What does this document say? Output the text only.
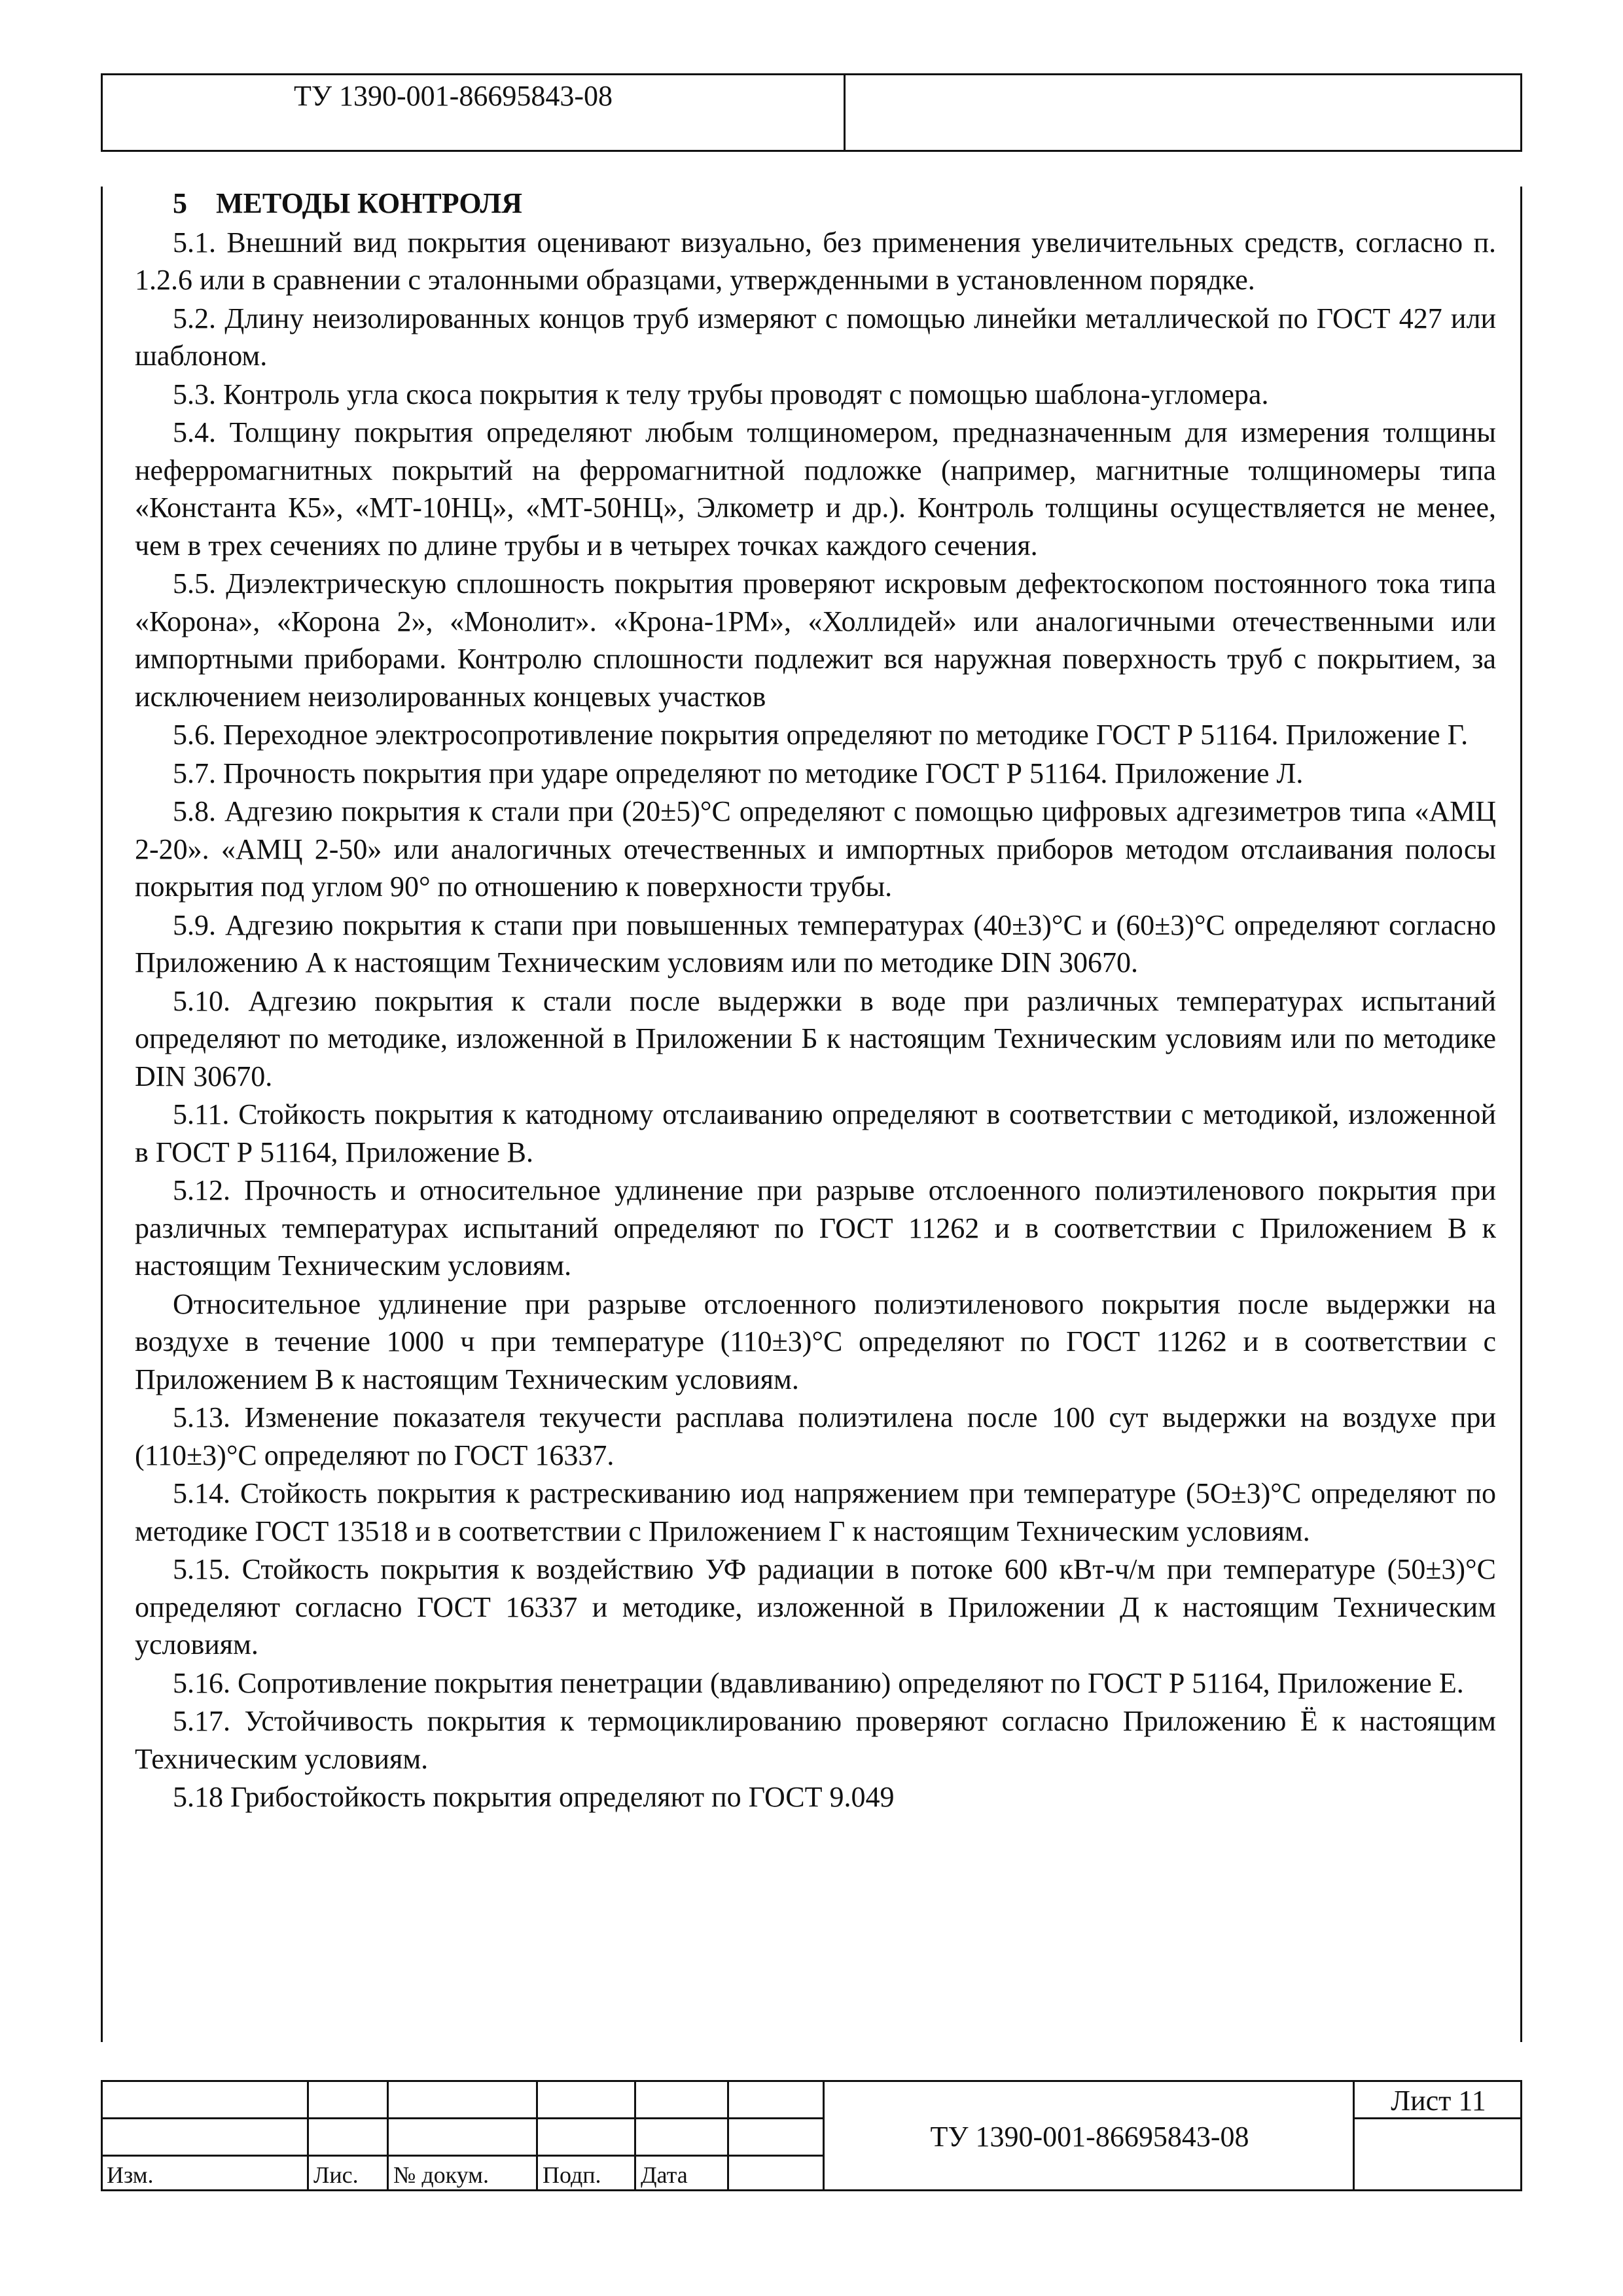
ТУ 1390-001-86695843-08
5    МЕТОДЫ КОНТРОЛЯ

5.1. Внешний вид покрытия оценивают визуально, без применения увеличительных средств, согласно п. 1.2.6 или в сравнении с эталонными образцами, утвержденными в установленном порядке.

5.2. Длину неизолированных концов труб измеряют с помощью линейки металлической по ГОСТ 427 или шаблоном.

5.3. Контроль угла скоса покрытия к телу трубы проводят с помощью шаблона-угломера.

5.4. Толщину покрытия определяют любым толщиномером, предназначенным для измерения толщины неферромагнитных покрытий на ферромагнитной подложке (например, магнитные толщиномеры типа «Константа К5», «МТ-10НЦ», «МТ-50НЦ», Элкометр и др.). Контроль толщины осуществляется не менее, чем в трех сечениях по длине трубы и в четырех точках каждого сечения.

5.5. Диэлектрическую сплошность покрытия проверяют искровым дефектоскопом постоянного тока типа «Корона», «Корона 2», «Монолит». «Крона-1РМ», «Холлидей» или аналогичными отечественными или импортными приборами. Контролю сплошности подлежит вся наружная поверхность труб с покрытием, за исключением неизолированных концевых участков

5.6. Переходное электросопротивление покрытия определяют по методике ГОСТ Р 51164. Приложение Г.

5.7. Прочность покрытия при ударе определяют по методике ГОСТ Р 51164. Приложение Л.

5.8. Адгезию покрытия к стали при (20±5)°С определяют с помощью цифровых адгезиметров типа «АМЦ 2-20». «АМЦ 2-50» или аналогичных отечественных и импортных приборов методом отслаивания полосы покрытия под углом 90° по отношению к поверхности трубы.

5.9. Адгезию покрытия к стапи при повышенных температурах (40±3)°С и (60±3)°С определяют согласно Приложению А к настоящим Техническим условиям или по методике DIN 30670.

5.10. Адгезию покрытия к стали после выдержки в воде при различных температурах испытаний определяют по методике, изложенной в Приложении Б к настоящим Техническим условиям или по методике DIN 30670.

5.11. Стойкость покрытия к катодному отслаиванию определяют в соответствии с методикой, изложенной в ГОСТ Р 51164, Приложение В.

5.12. Прочность и относительное удлинение при разрыве отслоенного полиэтиленового покрытия при различных температурах испытаний определяют по ГОСТ 11262 и в соответствии с Приложением В к настоящим Техническим условиям.

Относительное удлинение при разрыве отслоенного полиэтиленового покрытия после выдержки на воздухе в течение 1000 ч при температуре (110±3)°С определяют по ГОСТ 11262 и в соответствии с Приложением В к настоящим Техническим условиям.

5.13. Изменение показателя текучести расплава полиэтилена после 100 сут выдержки на воздухе при (110±3)°С определяют по ГОСТ 16337.

5.14. Стойкость покрытия к растрескиванию иод напряжением при температуре (5О±3)°С определяют по методике ГОСТ 13518 и в соответствии с Приложением Г к настоящим Техническим условиям.

5.15. Стойкость покрытия к воздействию УФ радиации в потоке 600 кВт-ч/м при температуре (50±3)°С определяют согласно ГОСТ 16337 и методике, изложенной в Приложении Д к настоящим Техническим условиям.

5.16. Сопротивление покрытия пенетрации (вдавливанию) определяют по ГОСТ Р 51164, Приложение Е.

5.17. Устойчивость покрытия к термоциклированию проверяют согласно Приложению Ё к настоящим Техническим условиям.

5.18 Грибостойкость покрытия определяют по ГОСТ 9.049

Изм.	Лис. № докум. Подп. Дата
ТУ 1390-001-86695843-08
Лист 11
